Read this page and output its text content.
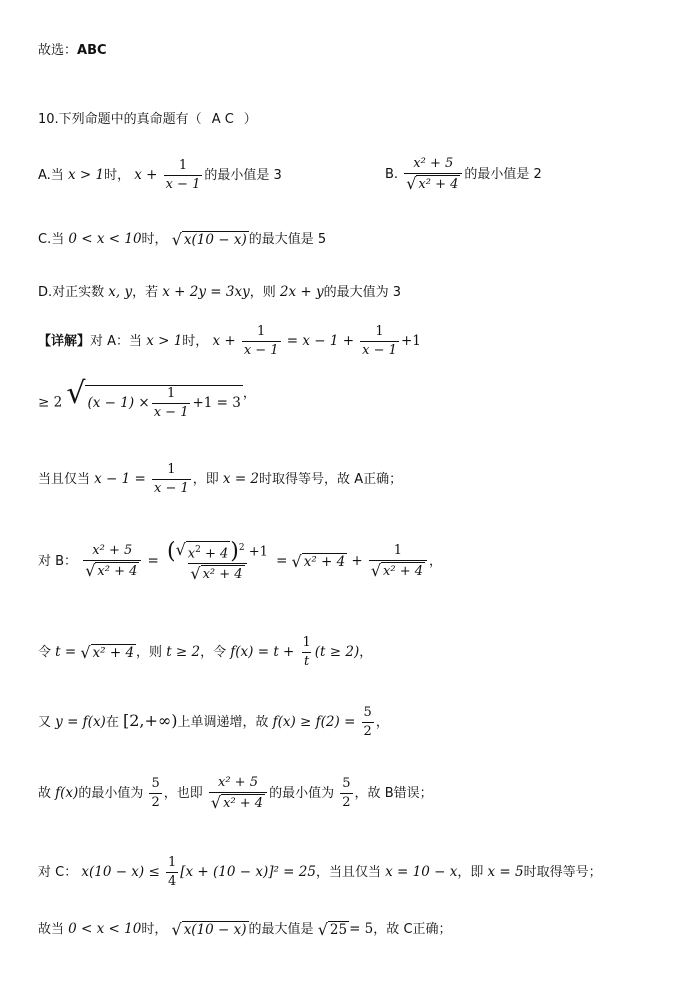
故选：ABC
10.下列命题中的真命题有（ A C ）
A.当 x > 1时， $x + \frac{1}{x - 1}$ 的最小值是 3	B. $\frac{\text{x² + 5}}{\text{√ x² + 4}}$ 的最小值是 2
C.当 0 < x < 10时， √ x(10 − x) 的最大值是 5
D.对正实数 x, y，若 x + 2y = 3xy，则 2x + y的最大值为 3
【详解】对 A：当 x > 1时， $x + \frac{1}{x - 1} = x - 1 + \frac{1}{x - 1} +1$
≥ 2 √ $(x - 1) \times \frac{1}{x - 1} +1 = 3$
，
当且仅当 $x - 1 = \frac{1}{x - 1}$ ，即 x = 2时取得等号，故 A正确；
对 B： $\frac{\text{x² + 5}}{\text{√ x² + 4}} = \frac{( √ x^2 + 4 )^2 +1}{\text{√ x² + 4}}$ = √ $x^2 + 4 + \frac{1}{\text{√ x² + 4}}$ ，
令 t = √ x² + 4 ，则 t ≥ 2，令 $f(x) = t + \frac{1}{t} (t \ge 2)$，
又 y = f(x)在 [2,+∞)上单调递增，故 $f(x) \ge f(2) = \frac{5}{2}$ ，
故 f(x)的最小值为 $\frac{5}{2}$ ，也即 $\frac{\text{x² + 5}}{\text{√ x² + 4}}$ 的最小值为 $\frac{5}{2}$ ，故 B错误；
对 C： $x(10 - x) \le \frac{1}{4} [x + (10 - x)]^2 = 25$，当且仅当 x = 10 − x，即 x = 5时取得等号；
故当 0 < x < 10时， √ x(10 − x) 的最大值是 √ 25 = 5，故 C正确；
